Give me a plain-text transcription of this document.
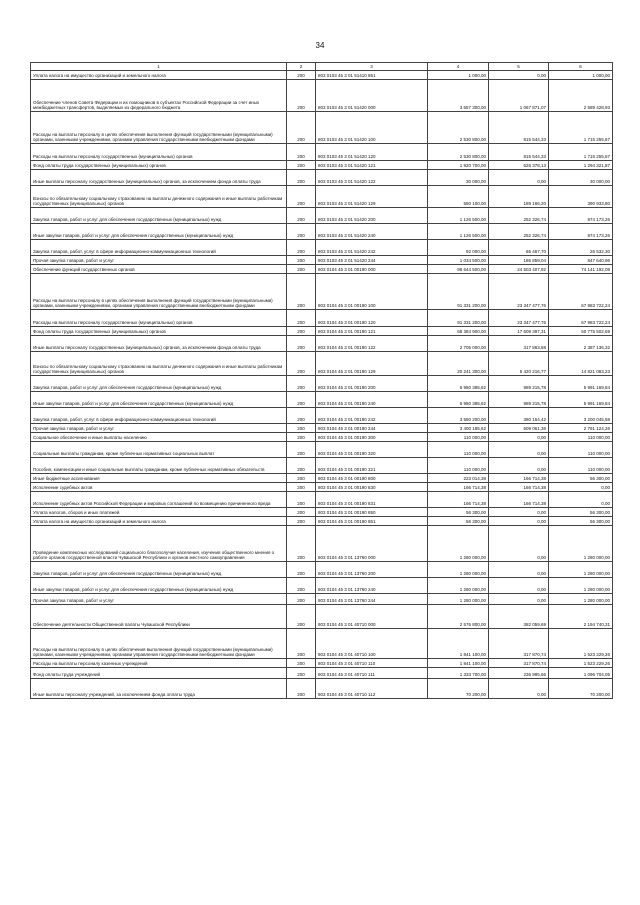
34
1	2	3	4	5	6
Уплата налога на имущество организаций и земельного налога	200	803 0103 45 3 01 51410 851	1 000,00	0,00	1 000,00
Обеспечение членов Совета Федерации и их помощников в субъектах Российской Федерации за счет иных межбюджетных трансфертов, выделяемых из федерального бюджета	200	803 0103 45 3 01 51420 000	3 657 300,00	1 067 871,07	2 589 428,93
Расходы на выплаты персоналу в целях обеспечения выполнения функций государственными (муниципальными) органами, казенными учреждениями, органами управления государственными внебюджетными фондами	200	803 0103 45 3 01 51420 100	2 530 800,00	815 544,33	1 715 255,67
Расходы на выплаты персоналу государственных (муниципальных) органов	200	803 0103 45 3 01 51420 120	2 530 800,00	815 544,33	1 715 255,67
Фонд оплаты труда государственных (муниципальных) органов	200	803 0103 45 3 01 51420 121	1 920 700,00	626 378,13	1 294 321,87
Иные выплаты персоналу государственных (муниципальных) органов, за исключением фонда оплаты труда	200	803 0103 45 3 01 51420 122	30 000,00	0,00	30 000,00
Взносы по обязательному социальному страхованию на выплаты денежного содержания и иные выплаты работникам государственных (муниципальных) органов	200	803 0103 45 3 01 51420 129	580 100,00	189 166,20	390 933,80
Закупка товаров, работ и услуг для обеспечения государственных (муниципальных) нужд	200	803 0103 45 3 01 51420 200	1 126 500,00	252 326,74	874 173,26
Иные закупки товаров, работ и услуг для обеспечения государственных (муниципальных) нужд	200	803 0103 45 3 01 51420 240	1 126 500,00	252 326,74	874 173,26
Закупка товаров, работ, услуг в сфере информационно-коммуникационных технологий	200	803 0103 45 3 01 51420 242	92 000,00	65 467,70	26 532,30
Прочая закупка товаров, работ и услуг	200	803 0103 45 3 01 51420 244	1 034 500,00	186 859,04	847 640,96
Обеспечение функций государственных органов	200	803 0104 45 3 01 00190 000	98 644 500,00	24 503 407,92	74 141 192,08
Расходы на выплаты персоналу в целях обеспечения выполнения функций государственными (муниципальными) органами, казенными учреждениями, органами управления государственными внебюджетными фондами	200	803 0104 45 3 01 00190 100	91 331 200,00	23 347 477,76	67 983 722,24
Расходы на выплаты персоналу государственных (муниципальных) органов	200	803 0104 45 3 01 00190 120	91 331 200,00	23 347 477,76	67 983 722,24
Фонд оплаты труда государственных (муниципальных) органов	200	803 0104 45 3 01 00190 121	68 384 900,00	17 609 397,31	50 775 502,69
Иные выплаты персоналу государственных (муниципальных) органов, за исключением фонда оплаты труда	200	803 0104 45 3 01 00190 122	2 705 000,00	317 863,68	2 387 136,32
Взносы по обязательному социальному страхованию на выплаты денежного содержания и иные выплаты работникам государственных (муниципальных) органов	200	803 0104 45 3 01 00190 129	20 241 300,00	5 420 216,77	14 821 083,23
Закупка товаров, работ и услуг для обеспечения государственных (муниципальных) нужд	200	803 0104 45 3 01 00190 200	6 980 385,62	989 215,78	5 991 169,84
Иные закупки товаров, работ и услуг для обеспечения государственных (муниципальных) нужд	200	803 0104 45 3 01 00190 240	6 980 385,62	989 215,78	5 991 169,84
Закупка товаров, работ, услуг в сфере информационно-коммуникационных технологий	200	803 0104 45 3 01 00190 242	3 580 200,00	380 154,42	3 200 045,58
Прочая закупка товаров, работ и услуг	200	803 0104 45 3 01 00190 244	3 400 185,62	609 061,36	2 791 124,26
Социальное обеспечение и иные выплаты населению	200	803 0104 45 3 01 00190 300	110 000,00	0,00	110 000,00
Социальные выплаты гражданам, кроме публичных нормативных социальных выплат	200	803 0104 45 3 01 00190 320	110 000,00	0,00	110 000,00
Пособия, компенсации и иные социальные выплаты гражданам, кроме публичных нормативных обязательств	200	803 0104 45 3 01 00190 321	110 000,00	0,00	110 000,00
Иные бюджетные ассигнования	200	803 0104 45 3 01 00190 800	223 014,38	166 714,38	56 300,00
Исполнение судебных актов	200	803 0104 45 3 01 00190 830	166 714,38	166 714,38	0,00
Исполнение судебных актов Российской Федерации и мировых соглашений по возмещению причиненного вреда	200	803 0104 45 3 01 00190 831	166 714,38	166 714,38	0,00
Уплата налогов, сборов и иных платежей	200	803 0104 45 3 01 00190 850	56 300,00	0,00	56 300,00
Уплата налога на имущество организаций и земельного налога	200	803 0104 45 3 01 00190 851	56 300,00	0,00	56 300,00
Проведение комплексных исследований социального благополучия населения, изучения общественного мнения о работе органов государственной власти Чувашской Республики и органов местного самоуправления	200	803 0104 45 3 01 13760 000	1 280 000,00	0,00	1 280 000,00
Закупка товаров, работ и услуг для обеспечения государственных (муниципальных) нужд	200	803 0104 45 3 01 13760 200	1 280 000,00	0,00	1 280 000,00
Иные закупки товаров, работ и услуг для обеспечения государственных (муниципальных) нужд	200	803 0104 45 3 01 13760 240	1 280 000,00	0,00	1 280 000,00
Прочая закупка товаров, работ и услуг	200	803 0104 45 3 01 13760 244	1 280 000,00	0,00	1 280 000,00
Обеспечение деятельности Общественной палаты Чувашской Республики	200	803 0104 45 3 01 40710 000	2 576 800,00	382 059,69	2 194 740,31
Расходы на выплаты персоналу в целях обеспечения выполнения функций государственными (муниципальными) органами, казенными учреждениями, органами управления государственными внебюджетными фондами	200	803 0104 45 3 01 40710 100	1 841 100,00	317 870,74	1 523 229,26
Расходы на выплаты персоналу казенных учреждений	200	803 0104 45 3 01 40710 110	1 841 100,00	317 870,74	1 523 229,26
Фонд оплаты труда учреждений	200	803 0104 45 3 01 40710 111	1 333 700,00	236 995,66	1 096 704,05
Иные выплаты персоналу учреждений, за исключением фонда оплаты труда	200	803 0104 45 3 01 40710 112	70 200,00	0,00	70 200,00
